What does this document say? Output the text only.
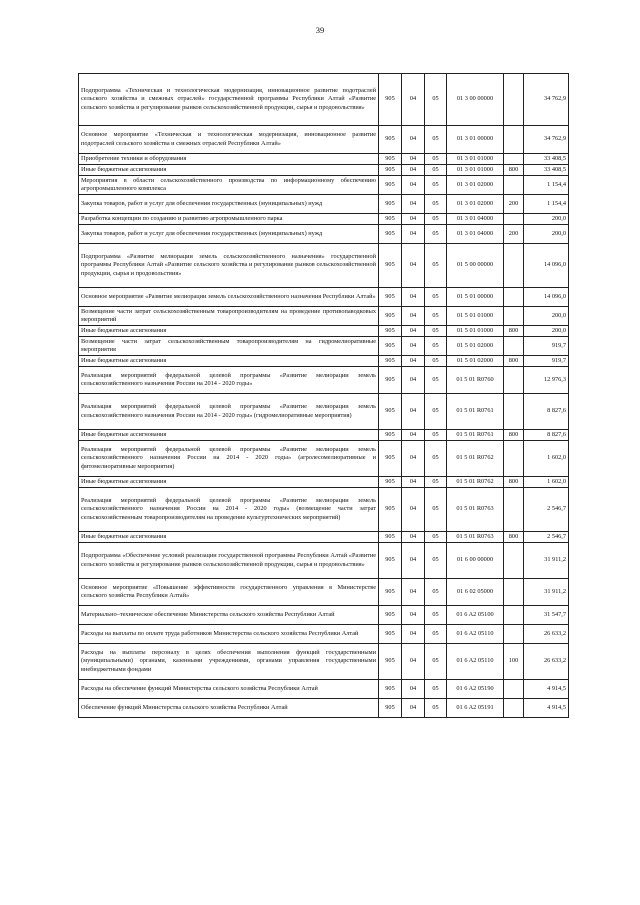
39
Подпрограмма «Техническая и технологическая модернизация, инновационное развитие подотраслей сельского хозяйства и смежных отраслей» государственной программы Республики Алтай «Развитие сельского хозяйства и регулирование рынков сельскохозяйственной продукции, сырья и продовольствия»	905	04	05	01 3 00 00000		34 762,9
Основное мероприятие «Техническая и технологическая модернизация, инновационное развитие подотраслей сельского хозяйства и смежных отраслей Республики Алтай»	905	04	05	01 3 01 00000		34 762,9
Приобретение техники и оборудования	905	04	05	01 3 01 01000		33 408,5
Иные бюджетные ассигнования	905	04	05	01 3 01 01000	800	33 408,5
Мероприятия в области сельскохозяйственного производства по информационному обеспечению агропромышленного комплекса	905	04	05	01 3 01 02000		1 154,4
Закупка товаров, работ и услуг для обеспечения государственных (муниципальных) нужд	905	04	05	01 3 01 02000	200	1 154,4
Разработка концепции по созданию и развитию агропромышленного парка	905	04	05	01 3 01 04000		200,0
Закупка товаров, работ и услуг для обеспечения государственных (муниципальных) нужд	905	04	05	01 3 01 04000	200	200,0
Подпрограмма «Развитие мелиорации земель сельскохозяйственного назначения» государственной программы Республики Алтай «Развитие сельского хозяйства и регулирование рынков сельскохозяйственной продукции, сырья и продовольствия»	905	04	05	01 5 00 00000		14 096,0
Основное мероприятие «Развитие мелиорации земель сельскохозяйственного назначения Республики Алтай»	905	04	05	01 5 01 00000		14 096,0
Возмещение части затрат сельскохозяйственным товаропроизводителям на проведение противопаводковых мероприятий	905	04	05	01 5 01 01000		200,0
Иные бюджетные ассигнования	905	04	05	01 5 01 01000	800	200,0
Возмещение части затрат сельскохозяйственным товаропроизводителям на гидромелиоративные мероприятия	905	04	05	01 5 01 02000		919,7
Иные бюджетные ассигнования	905	04	05	01 5 01 02000	800	919,7
Реализация мероприятий федеральной целевой программы «Развитие мелиорации земель сельскохозяйственного назначения России на 2014 - 2020 годы»	905	04	05	01 5 01 R0760		12 976,3
Реализация мероприятий федеральной целевой программы «Развитие мелиорации земель сельскохозяйственного назначения России на 2014 - 2020 годы» (гидромелиоративные мероприятия)	905	04	05	01 5 01 R0761		8 827,6
Иные бюджетные ассигнования	905	04	05	01 5 01 R0761	800	8 827,6
Реализация мероприятий федеральной целевой программы «Развитие мелиорации земель сельскохозяйственного назначения России на 2014 - 2020 годы» (агролесомелиоративные и фитомелиоративные мероприятия)	905	04	05	01 5 01 R0762		1 602,0
Иные бюджетные ассигнования	905	04	05	01 5 01 R0762	800	1 602,0
Реализация мероприятий федеральной целевой программы «Развитие мелиорации земель сельскохозяйственного назначения России на 2014 - 2020 годы» (возмещение части затрат сельскохозяйственным товаропроизводителям на проведение культуртехнических мероприятий)	905	04	05	01 5 01 R0763		2 546,7
Иные бюджетные ассигнования	905	04	05	01 5 01 R0763	800	2 546,7
Подпрограмма «Обеспечение условий реализации государственной программы Республики Алтай «Развитие сельского хозяйства и регулирование рынков сельскохозяйственной продукции, сырья и продовольствия»	905	04	05	01 6 00 00000		31 911,2
Основное мероприятие «Повышение эффективности государственного управления в Министерстве сельского хозяйства Республики Алтай»	905	04	05	01 6 02 05000		31 911,2
Материально–техническое обеспечение Министерства сельского хозяйства Республики Алтай	905	04	05	01 6 A2 05100		31 547,7
Расходы на выплаты по оплате труда работников Министерства сельского хозяйства Республики Алтай	905	04	05	01 6 A2 05110		26 633,2
Расходы на выплаты персоналу в целях обеспечения выполнения функций государственными (муниципальными) органами, казенными учреждениями, органами управления государственными внебюджетными фондами	905	04	05	01 6 A2 05110	100	26 633,2
Расходы на обеспечение функций Министерства сельского хозяйства Республики Алтай	905	04	05	01 6 A2 05190		4 914,5
Обеспечение функций Министерства сельского хозяйства Республики Алтай	905	04	05	01 6 A2 05191		4 914,5
